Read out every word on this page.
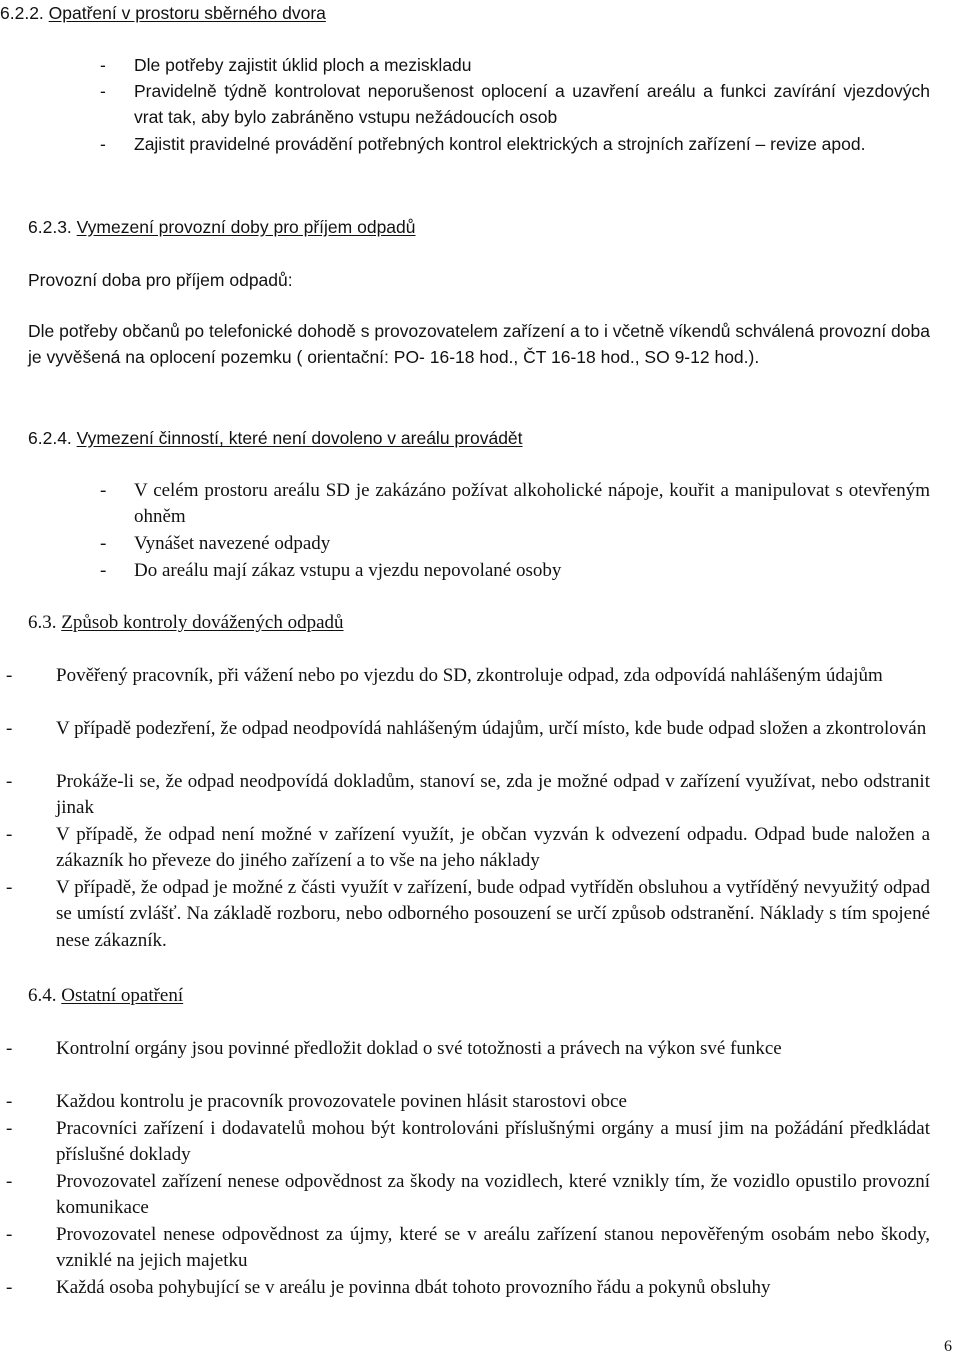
6.2.2. Opatření v prostoru sběrného dvora
- Dle potřeby zajistit úklid ploch a meziskladu
- Pravidelně týdně kontrolovat neporušenost oplocení a uzavření areálu a funkci zavírání vjezdových vrat tak, aby bylo zabráněno vstupu nežádoucích osob
- Zajistit pravidelné provádění potřebných kontrol elektrických a strojních zařízení – revize apod.
6.2.3. Vymezení provozní doby pro příjem odpadů
Provozní doba pro příjem odpadů:
Dle potřeby občanů po telefonické dohodě s provozovatelem zařízení a to i včetně víkendů schválená provozní doba je vyvěšená na oplocení pozemku ( orientační: PO- 16-18 hod., ČT 16-18 hod., SO 9-12 hod.).
6.2.4. Vymezení činností, které není dovoleno v areálu provádět
- V celém prostoru areálu SD je zakázáno požívat alkoholické nápoje, kouřit a manipulovat s otevřeným ohněm
- Vynášet navezené odpady
- Do areálu mají zákaz vstupu a vjezdu nepovolané osoby
6.3. Způsob kontroly dovážených odpadů
- Pověřený pracovník, při vážení nebo po vjezdu do SD, zkontroluje odpad, zda odpovídá nahlášeným údajům
- V případě podezření, že odpad neodpovídá nahlášeným údajům, určí místo, kde bude odpad složen a zkontrolován
- Prokáže-li se, že odpad neodpovídá dokladům, stanoví se, zda je možné odpad v zařízení využívat, nebo odstranit jinak
- V případě, že odpad není možné v zařízení využít, je občan vyzván k odvezení odpadu. Odpad bude naložen a zákazník ho převeze do jiného zařízení a to vše na jeho náklady
- V případě, že odpad je možné z části využít v zařízení, bude odpad vytříděn obsluhou a vytříděný nevyužitý odpad se umístí zvlášť. Na základě rozboru, nebo odborného posouzení se určí způsob odstranění. Náklady s tím spojené nese zákazník.
6.4. Ostatní opatření
- Kontrolní orgány jsou povinné předložit doklad o své totožnosti a právech na výkon své funkce
- Každou kontrolu je pracovník provozovatele povinen hlásit starostovi obce
- Pracovníci zařízení i dodavatelů mohou být kontrolováni příslušnými orgány a musí jim na požádání předkládat příslušné doklady
- Provozovatel zařízení nenese odpovědnost za škody na vozidlech, které vznikly tím, že vozidlo opustilo provozní komunikace
- Provozovatel nenese odpovědnost za újmy, které se v areálu zařízení stanou nepověřeným osobám nebo škody, vzniklé na jejich majetku
- Každá osoba pohybující se v areálu je povinna dbát tohoto provozního řádu a pokynů obsluhy
6
